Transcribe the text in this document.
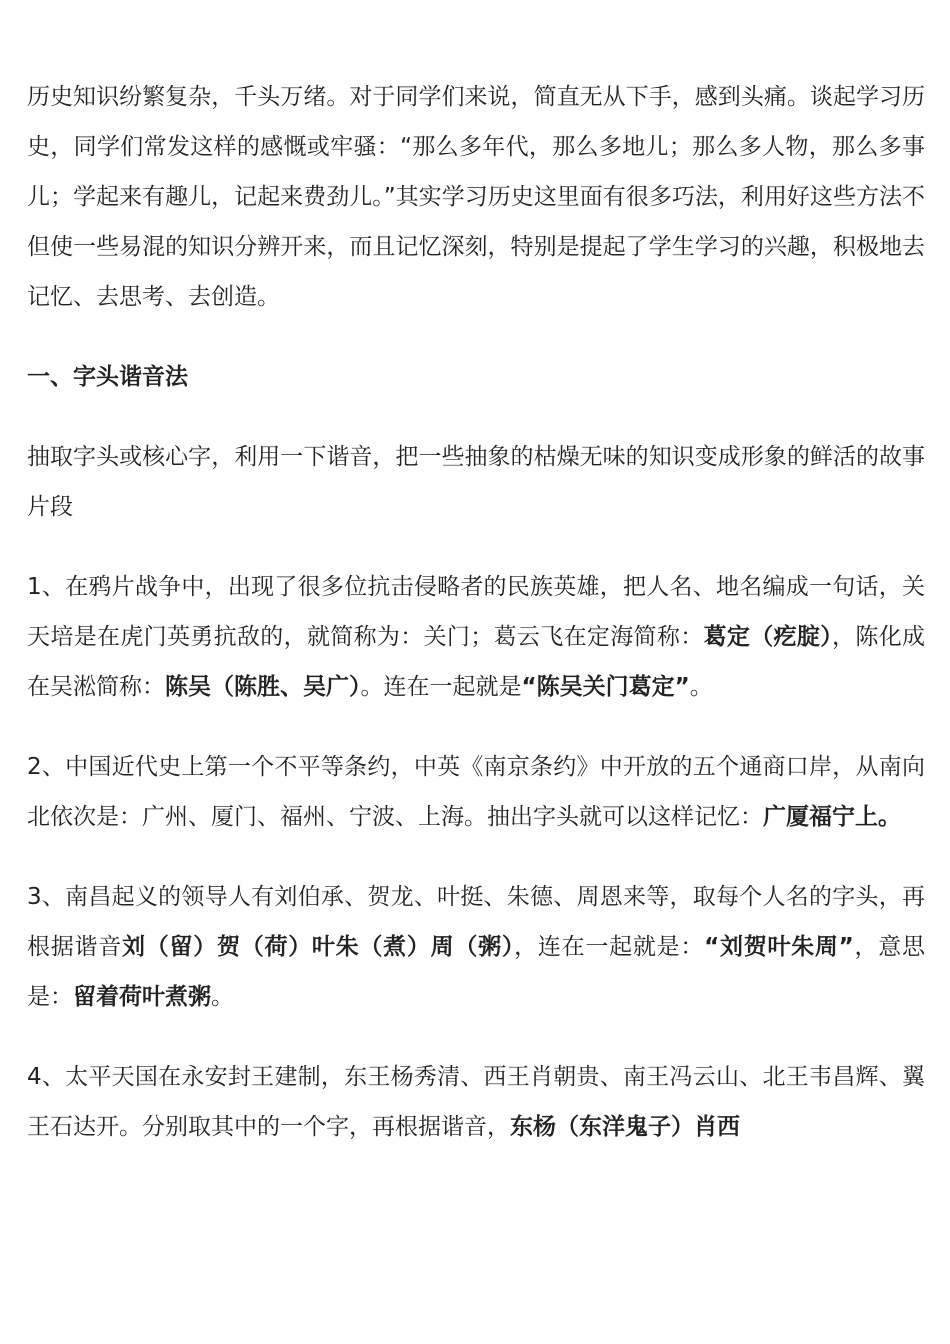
历史知识纷繁复杂，千头万绪。对于同学们来说，简直无从下手，感到头痛。谈起学习历史，同学们常发这样的感慨或牢骚：“那么多年代，那么多地儿；那么多人物，那么多事儿；学起来有趣儿，记起来费劲儿。”其实学习历史这里面有很多巧法，利用好这些方法不但使一些易混的知识分辨开来，而且记忆深刻，特别是提起了学生学习的兴趣，积极地去记忆、去思考、去创造。

一、字头谐音法

抽取字头或核心字，利用一下谐音，把一些抽象的枯燥无味的知识变成形象的鲜活的故事片段

1、在鸦片战争中，出现了很多位抗击侵略者的民族英雄，把人名、地名编成一句话，关天培是在虎门英勇抗敌的，就简称为：关门；葛云飞在定海简称：葛定（疙腚），陈化成在吴淞简称：陈吴（陈胜、吴广）。连在一起就是“陈吴关门葛定”。

2、中国近代史上第一个不平等条约，中英《南京条约》中开放的五个通商口岸，从南向北依次是：广州、厦门、福州、宁波、上海。抽出字头就可以这样记忆：广厦福宁上。

3、南昌起义的领导人有刘伯承、贺龙、叶挺、朱德、周恩来等，取每个人名的字头，再根据谐音刘（留）贺（荷）叶朱（煮）周（粥），连在一起就是：“刘贺叶朱周”，意思是：留着荷叶煮粥。

4、太平天国在永安封王建制，东王杨秀清、西王肖朝贵、南王冯云山、北王韦昌辉、翼王石达开。分别取其中的一个字，再根据谐音，东杨（东洋鬼子）肖西
